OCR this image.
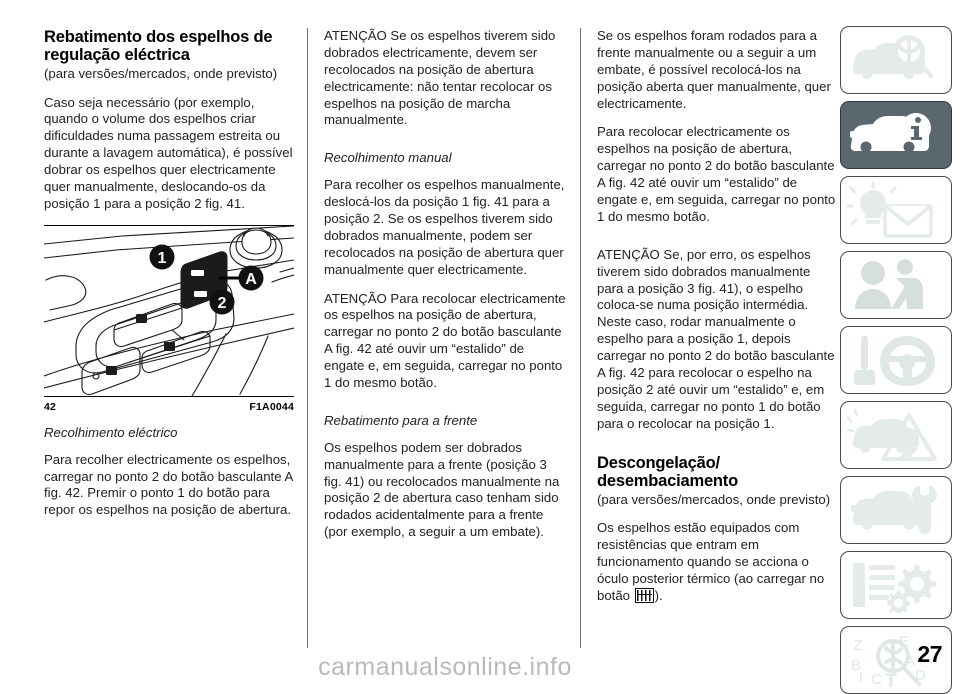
Rebatimento dos espelhos de regulação eléctrica
(para versões/mercados, onde previsto)

Caso seja necessário (por exemplo, quando o volume dos espelhos criar dificuldades numa passagem estreita ou durante a lavagem automática), é possível dobrar os espelhos quer electricamente quer manualmente, deslocando-os da posição 1 para a posição 2 fig. 41.

1
2
A
42	F1A0044
Recolhimento eléctrico

Para recolher electricamente os espelhos, carregar no ponto 2 do botão basculante A fig. 42. Premir o ponto 1 do botão para repor os espelhos na posição de abertura.

ATENÇÃO Se os espelhos tiverem sido dobrados electricamente, devem ser recolocados na posição de abertura electricamente: não tentar recolocar os espelhos na posição de marcha manualmente.

Recolhimento manual

Para recolher os espelhos manualmente, deslocá-los da posição 1 fig. 41 para a posição 2. Se os espelhos tiverem sido dobrados manualmente, podem ser recolocados na posição de abertura quer manualmente quer electricamente.

ATENÇÃO Para recolocar electricamente os espelhos na posição de abertura, carregar no ponto 2 do botão basculante A fig. 42 até ouvir um “estalido” de engate e, em seguida, carregar no ponto 1 do mesmo botão.

Rebatimento para a frente

Os espelhos podem ser dobrados manualmente para a frente (posição 3 fig. 41) ou recolocados manualmente na posição 2 de abertura caso tenham sido rodados acidentalmente para a frente (por exemplo, a seguir a um embate).

Se os espelhos foram rodados para a frente manualmente ou a seguir a um embate, é possível recolocá-los na posição aberta quer manualmente, quer electricamente.

Para recolocar electricamente os espelhos na posição de abertura, carregar no ponto 2 do botão basculante A fig. 42 até ouvir um “estalido” de engate e, em seguida, carregar no ponto 1 do mesmo botão.

ATENÇÃO Se, por erro, os espelhos tiverem sido dobrados manualmente para a posição 3 fig. 41), o espelho coloca-se numa posição intermédia. Neste caso, rodar manualmente o espelho para a posição 1, depois carregar no ponto 2 do botão basculante A fig. 42 para recolocar o espelho na posição 2 até ouvir um “estalido” e, em seguida, carregar no ponto 1 do botão para o recolocar na posição 1.

Descongelação/ desembaciamento
(para versões/mercados, onde previsto)

Os espelhos estão equipados com resistências que entram em funcionamento quando se acciona o óculo posterior térmico (ao carregar no botão
).

Z
B
I C T
E
A
D
carmanualsonline.info	27
